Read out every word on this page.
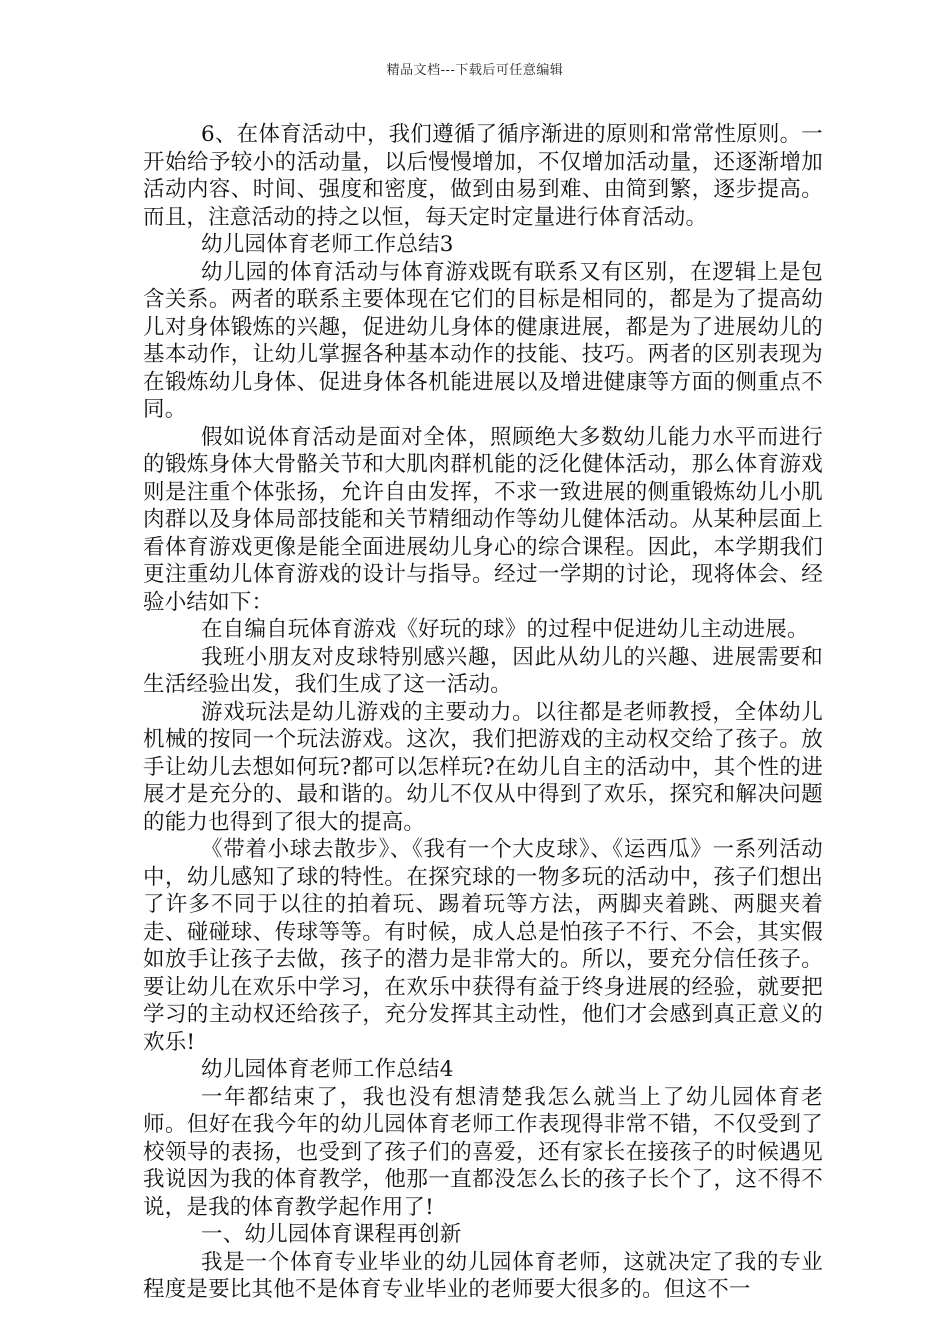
精品文档---下载后可任意编辑

6、在体育活动中，我们遵循了循序渐进的原则和常常性原则。一开始给予较小的活动量，以后慢慢增加，不仅增加活动量，还逐渐增加活动内容、时间、强度和密度，做到由易到难、由简到繁，逐步提高。而且，注意活动的持之以恒，每天定时定量进行体育活动。

幼儿园体育老师工作总结3

幼儿园的体育活动与体育游戏既有联系又有区别，在逻辑上是包含关系。两者的联系主要体现在它们的目标是相同的，都是为了提高幼儿对身体锻炼的兴趣，促进幼儿身体的健康进展，都是为了进展幼儿的基本动作，让幼儿掌握各种基本动作的技能、技巧。两者的区别表现为在锻炼幼儿身体、促进身体各机能进展以及增进健康等方面的侧重点不同。

假如说体育活动是面对全体，照顾绝大多数幼儿能力水平而进行的锻炼身体大骨骼关节和大肌肉群机能的泛化健体活动，那么体育游戏则是注重个体张扬，允许自由发挥，不求一致进展的侧重锻炼幼儿小肌肉群以及身体局部技能和关节精细动作等幼儿健体活动。从某种层面上看体育游戏更像是能全面进展幼儿身心的综合课程。因此，本学期我们更注重幼儿体育游戏的设计与指导。经过一学期的讨论，现将体会、经验小结如下：

在自编自玩体育游戏《好玩的球》的过程中促进幼儿主动进展。

我班小朋友对皮球特别感兴趣，因此从幼儿的兴趣、进展需要和生活经验出发，我们生成了这一活动。

游戏玩法是幼儿游戏的主要动力。以往都是老师教授，全体幼儿机械的按同一个玩法游戏。这次，我们把游戏的主动权交给了孩子。放手让幼儿去想如何玩?都可以怎样玩?在幼儿自主的活动中，其个性的进展才是充分的、最和谐的。幼儿不仅从中得到了欢乐，探究和解决问题的能力也得到了很大的提高。

《带着小球去散步》、《我有一个大皮球》、《运西瓜》一系列活动中，幼儿感知了球的特性。在探究球的一物多玩的活动中，孩子们想出了许多不同于以往的拍着玩、踢着玩等方法，两脚夹着跳、两腿夹着走、碰碰球、传球等等。有时候，成人总是怕孩子不行、不会，其实假如放手让孩子去做，孩子的潜力是非常大的。所以，要充分信任孩子。要让幼儿在欢乐中学习，在欢乐中获得有益于终身进展的经验，就要把学习的主动权还给孩子，充分发挥其主动性，他们才会感到真正意义的欢乐!

幼儿园体育老师工作总结4

一年都结束了，我也没有想清楚我怎么就当上了幼儿园体育老师。但好在我今年的幼儿园体育老师工作表现得非常不错，不仅受到了校领导的表扬，也受到了孩子们的喜爱，还有家长在接孩子的时候遇见我说因为我的体育教学，他那一直都没怎么长的孩子长个了，这不得不说，是我的体育教学起作用了!

一、幼儿园体育课程再创新

我是一个体育专业毕业的幼儿园体育老师，这就决定了我的专业程度是要比其他不是体育专业毕业的老师要大很多的。但这不一
